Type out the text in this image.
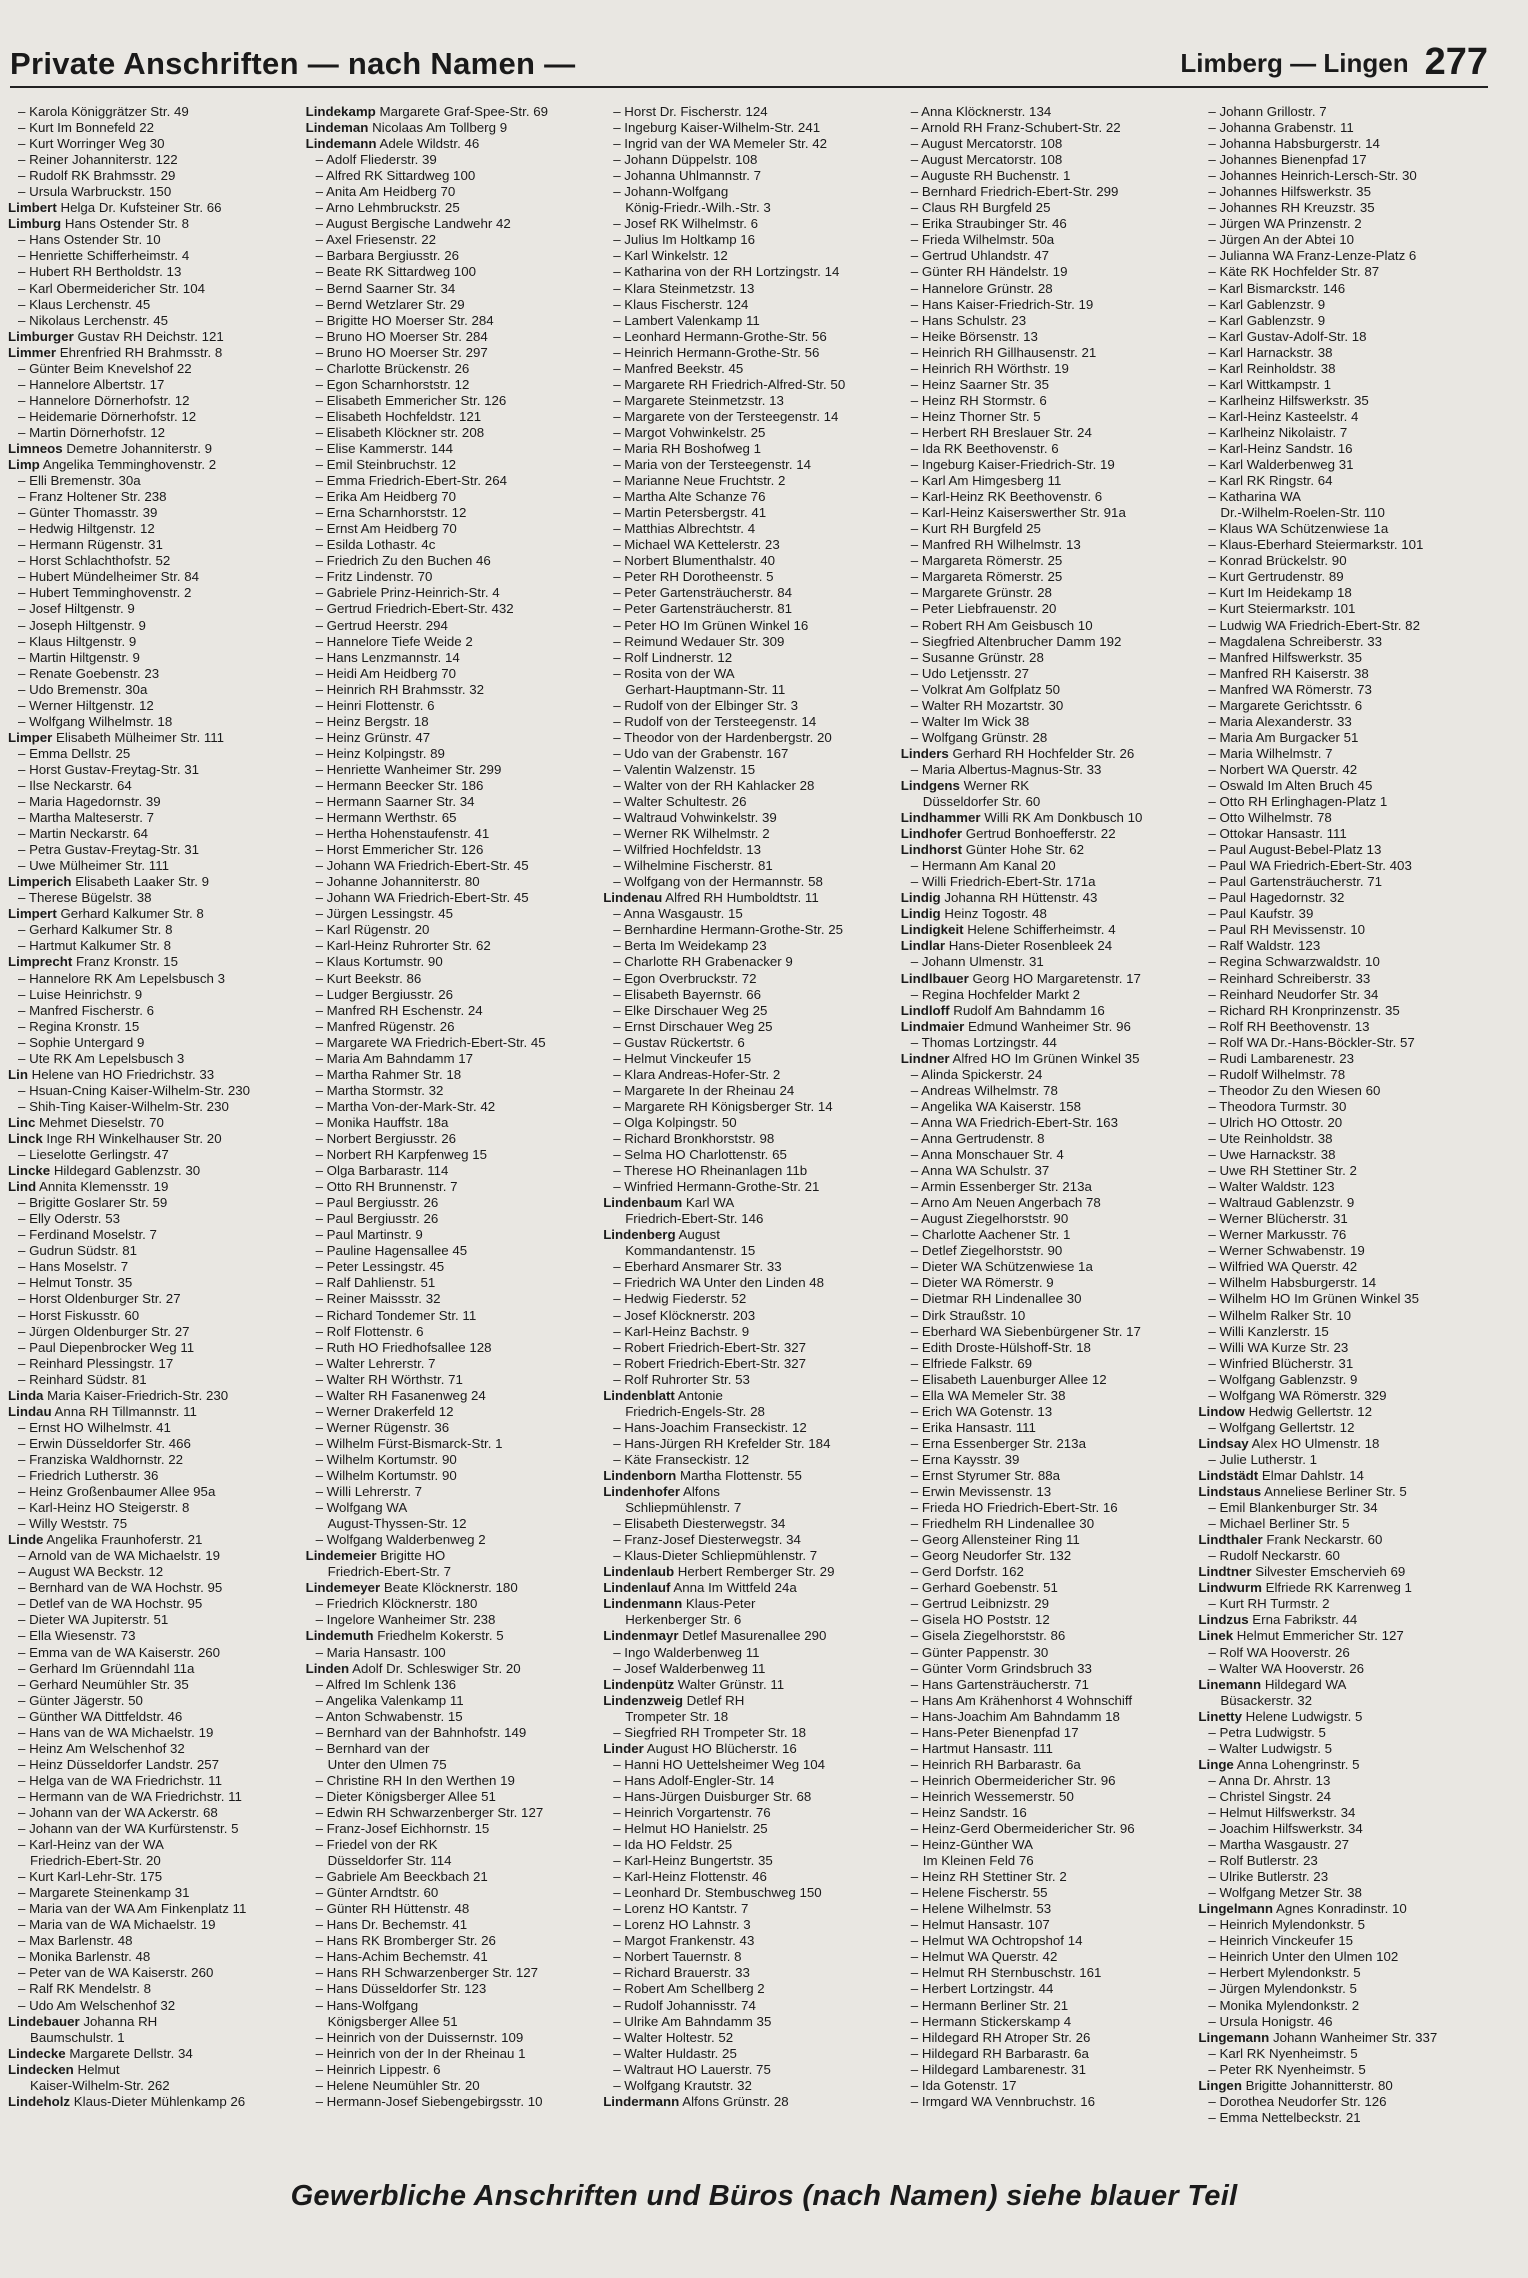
Private Anschriften — nach Namen —	Limberg — Lingen 277
– Karola Königgrätzer Str. 49
– Kurt Im Bonnefeld 22
– Kurt Worringer Weg 30
– Reiner Johanniterstr. 122
– Rudolf RK Brahmsstr. 29
– Ursula Warbruckstr. 150
Limbert Helga Dr. Kufsteiner Str. 66
Limburg Hans Ostender Str. 8
– Hans Ostender Str. 10
– Henriette Schifferheimstr. 4
– Hubert RH Bertholdstr. 13
– Karl Obermeidericher Str. 104
– Klaus Lerchenstr. 45
– Nikolaus Lerchenstr. 45
Limburger Gustav RH Deichstr. 121
Limmer Ehrenfried RH Brahmsstr. 8
– Günter Beim Knevelshof 22
– Hannelore Albertstr. 17
– Hannelore Dörnerhofstr. 12
– Heidemarie Dörnerhofstr. 12
– Martin Dörnerhofstr. 12
Limneos Demetre Johanniterstr. 9
Limp Angelika Temminghovenstr. 2
– Elli Bremenstr. 30a
– Franz Holtener Str. 238
– Günter Thomasstr. 39
– Hedwig Hiltgenstr. 12
– Hermann Rügenstr. 31
– Horst Schlachthofstr. 52
– Hubert Mündelheimer Str. 84
– Hubert Temminghovenstr. 2
– Josef Hiltgenstr. 9
– Joseph Hiltgenstr. 9
– Klaus Hiltgenstr. 9
– Martin Hiltgenstr. 9
– Renate Goebenstr. 23
– Udo Bremenstr. 30a
– Werner Hiltgenstr. 12
– Wolfgang Wilhelmstr. 18
Limper Elisabeth Mülheimer Str. 111
– Emma Dellstr. 25
– Horst Gustav-Freytag-Str. 31
– Ilse Neckarstr. 64
– Maria Hagedornstr. 39
– Martha Malteserstr. 7
– Martin Neckarstr. 64
– Petra Gustav-Freytag-Str. 31
– Uwe Mülheimer Str. 111
Limperich Elisabeth Laaker Str. 9
– Therese Bügelstr. 38
Limpert Gerhard Kalkumer Str. 8
– Gerhard Kalkumer Str. 8
– Hartmut Kalkumer Str. 8
Limprecht Franz Kronstr. 15
– Hannelore RK Am Lepelsbusch 3
– Luise Heinrichstr. 9
– Manfred Fischerstr. 6
– Regina Kronstr. 15
– Sophie Untergard 9
– Ute RK Am Lepelsbusch 3
Lin Helene van HO Friedrichstr. 33
– Hsuan-Cning Kaiser-Wilhelm-Str. 230
– Shih-Ting Kaiser-Wilhelm-Str. 230
Linc Mehmet Dieselstr. 70
Linck Inge RH Winkelhauser Str. 20
– Lieselotte Gerlingstr. 47
Lincke Hildegard Gablenzstr. 30
Lind Annita Klemensstr. 19
– Brigitte Goslarer Str. 59
– Elly Oderstr. 53
– Ferdinand Moselstr. 7
– Gudrun Südstr. 81
– Hans Moselstr. 7
– Helmut Tonstr. 35
– Horst Oldenburger Str. 27
– Horst Fiskusstr. 60
– Jürgen Oldenburger Str. 27
– Paul Diepenbrocker Weg 11
– Reinhard Plessingstr. 17
– Reinhard Südstr. 81
Linda Maria Kaiser-Friedrich-Str. 230
Lindau Anna RH Tillmannstr. 11
– Ernst HO Wilhelmstr. 41
– Erwin Düsseldorfer Str. 466
– Franziska Waldhornstr. 22
– Friedrich Lutherstr. 36
– Heinz Großenbaumer Allee 95a
– Karl-Heinz HO Steigerstr. 8
– Willy Weststr. 75
Linde Angelika Fraunhoferstr. 21
– Arnold van de WA Michaelstr. 19
– August WA Beckstr. 12
– Bernhard van de WA Hochstr. 95
– Detlef van de WA Hochstr. 95
– Dieter WA Jupiterstr. 51
– Ella Wiesenstr. 73
– Emma van de WA Kaiserstr. 260
– Gerhard Im Grüenndahl 11a
– Gerhard Neumühler Str. 35
– Günter Jägerstr. 50
– Günther WA Dittfeldstr. 46
– Hans van de WA Michaelstr. 19
– Heinz Am Welschenhof 32
– Heinz Düsseldorfer Landstr. 257
– Helga van de WA Friedrichstr. 11
– Hermann van de WA Friedrichstr. 11
– Johann van der WA Ackerstr. 68
– Johann van der WA Kurfürstenstr. 5
– Karl-Heinz van der WA
Friedrich-Ebert-Str. 20
– Kurt Karl-Lehr-Str. 175
– Margarete Steinenkamp 31
– Maria van der WA Am Finkenplatz 11
– Maria van de WA Michaelstr. 19
– Max Barlenstr. 48
– Monika Barlenstr. 48
– Peter van de WA Kaiserstr. 260
– Ralf RK Mendelstr. 8
– Udo Am Welschenhof 32
Lindebauer Johanna RH
Baumschulstr. 1
Lindecke Margarete Dellstr. 34
Lindecken Helmut
Kaiser-Wilhelm-Str. 262
Lindeholz Klaus-Dieter Mühlenkamp 26
Lindekamp Margarete Graf-Spee-Str. 69
Lindeman Nicolaas Am Tollberg 9
Lindemann Adele Wildstr. 46
– Adolf Fliederstr. 39
– Alfred RK Sittardweg 100
– Anita Am Heidberg 70
– Arno Lehmbruckstr. 25
– August Bergische Landwehr 42
– Axel Friesenstr. 22
– Barbara Bergiusstr. 26
– Beate RK Sittardweg 100
– Bernd Saarner Str. 34
– Bernd Wetzlarer Str. 29
– Brigitte HO Moerser Str. 284
– Bruno HO Moerser Str. 284
– Bruno HO Moerser Str. 297
– Charlotte Brückenstr. 26
– Egon Scharnhorststr. 12
– Elisabeth Emmericher Str. 126
– Elisabeth Hochfeldstr. 121
– Elisabeth Klöckner str. 208
– Elise Kammerstr. 144
– Emil Steinbruchstr. 12
– Emma Friedrich-Ebert-Str. 264
– Erika Am Heidberg 70
– Erna Scharnhorststr. 12
– Ernst Am Heidberg 70
– Esilda Lothastr. 4c
– Friedrich Zu den Buchen 46
– Fritz Lindenstr. 70
– Gabriele Prinz-Heinrich-Str. 4
– Gertrud Friedrich-Ebert-Str. 432
– Gertrud Heerstr. 294
– Hannelore Tiefe Weide 2
– Hans Lenzmannstr. 14
– Heidi Am Heidberg 70
– Heinrich RH Brahmsstr. 32
– Heinri Flottenstr. 6
– Heinz Bergstr. 18
– Heinz Grünstr. 47
– Heinz Kolpingstr. 89
– Henriette Wanheimer Str. 299
– Hermann Beecker Str. 186
– Hermann Saarner Str. 34
– Hermann Werthstr. 65
– Hertha Hohenstaufenstr. 41
– Horst Emmericher Str. 126
– Johann WA Friedrich-Ebert-Str. 45
– Johanne Johanniterstr. 80
– Johann WA Friedrich-Ebert-Str. 45
– Jürgen Lessingstr. 45
– Karl Rügenstr. 20
– Karl-Heinz Ruhrorter Str. 62
– Klaus Kortumstr. 90
– Kurt Beekstr. 86
– Ludger Bergiusstr. 26
– Manfred RH Eschenstr. 24
– Manfred Rügenstr. 26
– Margarete WA Friedrich-Ebert-Str. 45
– Maria Am Bahndamm 17
– Martha Rahmer Str. 18
– Martha Stormstr. 32
– Martha Von-der-Mark-Str. 42
– Monika Hauffstr. 18a
– Norbert Bergiusstr. 26
– Norbert RH Karpfenweg 15
– Olga Barbarastr. 114
– Otto RH Brunnenstr. 7
– Paul Bergiusstr. 26
– Paul Bergiusstr. 26
– Paul Martinstr. 9
– Pauline Hagensallee 45
– Peter Lessingstr. 45
– Ralf Dahlienstr. 51
– Reiner Maissstr. 32
– Richard Tondemer Str. 11
– Rolf Flottenstr. 6
– Ruth HO Friedhofsallee 128
– Walter Lehrerstr. 7
– Walter RH Wörthstr. 71
– Walter RH Fasanenweg 24
– Werner Drakerfeld 12
– Werner Rügenstr. 36
– Wilhelm Fürst-Bismarck-Str. 1
– Wilhelm Kortumstr. 90
– Wilhelm Kortumstr. 90
– Willi Lehrerstr. 7
– Wolfgang WA
August-Thyssen-Str. 12
– Wolfgang Walderbenweg 2
Lindemeier Brigitte HO
Friedrich-Ebert-Str. 7
Lindemeyer Beate Klöcknerstr. 180
– Friedrich Klöcknerstr. 180
– Ingelore Wanheimer Str. 238
Lindemuth Friedhelm Kokerstr. 5
– Maria Hansastr. 100
Linden Adolf Dr. Schleswiger Str. 20
– Alfred Im Schlenk 136
– Angelika Valenkamp 11
– Anton Schwabenstr. 15
– Bernhard van der Bahnhofstr. 149
– Bernhard van der
Unter den Ulmen 75
– Christine RH In den Werthen 19
– Dieter Königsberger Allee 51
– Edwin RH Schwarzenberger Str. 127
– Franz-Josef Eichhornstr. 15
– Friedel von der RK
Düsseldorfer Str. 114
– Gabriele Am Beeckbach 21
– Günter Arndtstr. 60
– Günter RH Hüttenstr. 48
– Hans Dr. Bechemstr. 41
– Hans RK Bromberger Str. 26
– Hans-Achim Bechemstr. 41
– Hans RH Schwarzenberger Str. 127
– Hans Düsseldorfer Str. 123
– Hans-Wolfgang
Königsberger Allee 51
– Heinrich von der Duissernstr. 109
– Heinrich von der In der Rheinau 1
– Heinrich Lippestr. 6
– Helene Neumühler Str. 20
– Hermann-Josef Siebengebirgsstr. 10
– Horst Dr. Fischerstr. 124
– Ingeburg Kaiser-Wilhelm-Str. 241
– Ingrid van der WA Memeler Str. 42
– Johann Düppelstr. 108
– Johanna Uhlmannstr. 7
– Johann-Wolfgang
König-Friedr.-Wilh.-Str. 3
– Josef RK Wilhelmstr. 6
– Julius Im Holtkamp 16
– Karl Winkelstr. 12
– Katharina von der RH Lortzingstr. 14
– Klara Steinmetzstr. 13
– Klaus Fischerstr. 124
– Lambert Valenkamp 11
– Leonhard Hermann-Grothe-Str. 56
– Heinrich Hermann-Grothe-Str. 56
– Manfred Beekstr. 45
– Margarete RH Friedrich-Alfred-Str. 50
– Margarete Steinmetzstr. 13
– Margarete von der Tersteegenstr. 14
– Margot Vohwinkelstr. 25
– Maria RH Boshofweg 1
– Maria von der Tersteegenstr. 14
– Marianne Neue Fruchtstr. 2
– Martha Alte Schanze 76
– Martin Petersbergstr. 41
– Matthias Albrechtstr. 4
– Michael WA Kettelerstr. 23
– Norbert Blumenthalstr. 40
– Peter RH Dorotheenstr. 5
– Peter Gartensträucherstr. 84
– Peter Gartensträucherstr. 81
– Peter HO Im Grünen Winkel 16
– Reimund Wedauer Str. 309
– Rolf Lindnerstr. 12
– Rosita von der WA
Gerhart-Hauptmann-Str. 11
– Rudolf von der Elbinger Str. 3
– Rudolf von der Tersteegenstr. 14
– Theodor von der Hardenbergstr. 20
– Udo van der Grabenstr. 167
– Valentin Walzenstr. 15
– Walter von der RH Kahlacker 28
– Walter Schultestr. 26
– Waltraud Vohwinkelstr. 39
– Werner RK Wilhelmstr. 2
– Wilfried Hochfeldstr. 13
– Wilhelmine Fischerstr. 81
– Wolfgang von der Hermannstr. 58
Lindenau Alfred RH Humboldtstr. 11
– Anna Wasgaustr. 15
– Bernhardine Hermann-Grothe-Str. 25
– Berta Im Weidekamp 23
– Charlotte RH Grabenacker 9
– Egon Overbruckstr. 72
– Elisabeth Bayernstr. 66
– Elke Dirschauer Weg 25
– Ernst Dirschauer Weg 25
– Gustav Rückertstr. 6
– Helmut Vinckeufer 15
– Klara Andreas-Hofer-Str. 2
– Margarete In der Rheinau 24
– Margarete RH Königsberger Str. 14
– Olga Kolpingstr. 50
– Richard Bronkhorststr. 98
– Selma HO Charlottenstr. 65
– Therese HO Rheinanlagen 11b
– Winfried Hermann-Grothe-Str. 21
Lindenbaum Karl WA
Friedrich-Ebert-Str. 146
Lindenberg August
Kommandantenstr. 15
– Eberhard Ansmarer Str. 33
– Friedrich WA Unter den Linden 48
– Hedwig Fiederstr. 52
– Josef Klöcknerstr. 203
– Karl-Heinz Bachstr. 9
– Robert Friedrich-Ebert-Str. 327
– Robert Friedrich-Ebert-Str. 327
– Rolf Ruhrorter Str. 53
Lindenblatt Antonie
Friedrich-Engels-Str. 28
– Hans-Joachim Franseckistr. 12
– Hans-Jürgen RH Krefelder Str. 184
– Käte Franseckistr. 12
Lindenborn Martha Flottenstr. 55
Lindenhofer Alfons
Schliepmühlenstr. 7
– Elisabeth Diesterwegstr. 34
– Franz-Josef Diesterwegstr. 34
– Klaus-Dieter Schliepmühlenstr. 7
Lindenlaub Herbert Remberger Str. 29
Lindenlauf Anna Im Wittfeld 24a
Lindenmann Klaus-Peter
Herkenberger Str. 6
Lindenmayr Detlef Masurenallee 290
– Ingo Walderbenweg 11
– Josef Walderbenweg 11
Lindenpütz Walter Grünstr. 11
Lindenzweig Detlef RH
Trompeter Str. 18
– Siegfried RH Trompeter Str. 18
Linder August HO Blücherstr. 16
– Hanni HO Uettelsheimer Weg 104
– Hans Adolf-Engler-Str. 14
– Hans-Jürgen Duisburger Str. 68
– Heinrich Vorgartenstr. 76
– Helmut HO Hanielstr. 25
– Ida HO Feldstr. 25
– Karl-Heinz Bungertstr. 35
– Karl-Heinz Flottenstr. 46
– Leonhard Dr. Stembuschweg 150
– Lorenz HO Kantstr. 7
– Lorenz HO Lahnstr. 3
– Margot Frankenstr. 43
– Norbert Tauernstr. 8
– Richard Brauerstr. 33
– Robert Am Schellberg 2
– Rudolf Johannisstr. 74
– Ulrike Am Bahndamm 35
– Walter Holtestr. 52
– Walter Huldastr. 25
– Waltraut HO Lauerstr. 75
– Wolfgang Krautstr. 32
Lindermann Alfons Grünstr. 28
– Anna Klöcknerstr. 134
– Arnold RH Franz-Schubert-Str. 22
– August Mercatorstr. 108
– August Mercatorstr. 108
– Auguste RH Buchenstr. 1
– Bernhard Friedrich-Ebert-Str. 299
– Claus RH Burgfeld 25
– Erika Straubinger Str. 46
– Frieda Wilhelmstr. 50a
– Gertrud Uhlandstr. 47
– Günter RH Händelstr. 19
– Hannelore Grünstr. 28
– Hans Kaiser-Friedrich-Str. 19
– Hans Schulstr. 23
– Heike Börsenstr. 13
– Heinrich RH Gillhausenstr. 21
– Heinrich RH Wörthstr. 19
– Heinz Saarner Str. 35
– Heinz RH Stormstr. 6
– Heinz Thorner Str. 5
– Herbert RH Breslauer Str. 24
– Ida RK Beethovenstr. 6
– Ingeburg Kaiser-Friedrich-Str. 19
– Karl Am Himgesberg 11
– Karl-Heinz RK Beethovenstr. 6
– Karl-Heinz Kaiserswerther Str. 91a
– Kurt RH Burgfeld 25
– Manfred RH Wilhelmstr. 13
– Margareta Römerstr. 25
– Margareta Römerstr. 25
– Margarete Grünstr. 28
– Peter Liebfrauenstr. 20
– Robert RH Am Geisbusch 10
– Siegfried Altenbrucher Damm 192
– Susanne Grünstr. 28
– Udo Letjensstr. 27
– Volkrat Am Golfplatz 50
– Walter RH Mozartstr. 30
– Walter Im Wick 38
– Wolfgang Grünstr. 28
Linders Gerhard RH Hochfelder Str. 26
– Maria Albertus-Magnus-Str. 33
Lindgens Werner RK
Düsseldorfer Str. 60
Lindhammer Willi RK Am Donkbusch 10
Lindhofer Gertrud Bonhoefferstr. 22
Lindhorst Günter Hohe Str. 62
– Hermann Am Kanal 20
– Willi Friedrich-Ebert-Str. 171a
Lindig Johanna RH Hüttenstr. 43
Lindig Heinz Togostr. 48
Lindigkeit Helene Schifferheimstr. 4
Lindlar Hans-Dieter Rosenbleek 24
– Johann Ulmenstr. 31
Lindlbauer Georg HO Margaretenstr. 17
– Regina Hochfelder Markt 2
Lindloff Rudolf Am Bahndamm 16
Lindmaier Edmund Wanheimer Str. 96
– Thomas Lortzingstr. 44
Lindner Alfred HO Im Grünen Winkel 35
– Alinda Spickerstr. 24
– Andreas Wilhelmstr. 78
– Angelika WA Kaiserstr. 158
– Anna WA Friedrich-Ebert-Str. 163
– Anna Gertrudenstr. 8
– Anna Monschauer Str. 4
– Anna WA Schulstr. 37
– Armin Essenberger Str. 213a
– Arno Am Neuen Angerbach 78
– August Ziegelhorststr. 90
– Charlotte Aachener Str. 1
– Detlef Ziegelhorststr. 90
– Dieter WA Schützenwiese 1a
– Dieter WA Römerstr. 9
– Dietmar RH Lindenallee 30
– Dirk Straußstr. 10
– Eberhard WA Siebenbürgener Str. 17
– Edith Droste-Hülshoff-Str. 18
– Elfriede Falkstr. 69
– Elisabeth Lauenburger Allee 12
– Ella WA Memeler Str. 38
– Erich WA Gotenstr. 13
– Erika Hansastr. 111
– Erna Essenberger Str. 213a
– Erna Kaysstr. 39
– Ernst Styrumer Str. 88a
– Erwin Mevissenstr. 13
– Frieda HO Friedrich-Ebert-Str. 16
– Friedhelm RH Lindenallee 30
– Georg Allensteiner Ring 11
– Georg Neudorfer Str. 132
– Gerd Dorfstr. 162
– Gerhard Goebenstr. 51
– Gertrud Leibnizstr. 29
– Gisela HO Poststr. 12
– Gisela Ziegelhorststr. 86
– Günter Pappenstr. 30
– Günter Vorm Grindsbruch 33
– Hans Gartensträucherstr. 71
– Hans Am Krähenhorst 4 Wohnschiff
– Hans-Joachim Am Bahndamm 18
– Hans-Peter Bienenpfad 17
– Hartmut Hansastr. 111
– Heinrich RH Barbarastr. 6a
– Heinrich Obermeidericher Str. 96
– Heinrich Wessemerstr. 50
– Heinz Sandstr. 16
– Heinz-Gerd Obermeidericher Str. 96
– Heinz-Günther WA
Im Kleinen Feld 76
– Heinz RH Stettiner Str. 2
– Helene Fischerstr. 55
– Helene Wilhelmstr. 53
– Helmut Hansastr. 107
– Helmut WA Ochtropshof 14
– Helmut WA Querstr. 42
– Helmut RH Sternbuschstr. 161
– Herbert Lortzingstr. 44
– Hermann Berliner Str. 21
– Hermann Stickerskamp 4
– Hildegard RH Atroper Str. 26
– Hildegard RH Barbarastr. 6a
– Hildegard Lambarenestr. 31
– Ida Gotenstr. 17
– Irmgard WA Vennbruchstr. 16
– Johann Grillostr. 7
– Johanna Grabenstr. 11
– Johanna Habsburgerstr. 14
– Johannes Bienenpfad 17
– Johannes Heinrich-Lersch-Str. 30
– Johannes Hilfswerkstr. 35
– Johannes RH Kreuzstr. 35
– Jürgen WA Prinzenstr. 2
– Jürgen An der Abtei 10
– Julianna WA Franz-Lenze-Platz 6
– Käte RK Hochfelder Str. 87
– Karl Bismarckstr. 146
– Karl Gablenzstr. 9
– Karl Gablenzstr. 9
– Karl Gustav-Adolf-Str. 18
– Karl Harnackstr. 38
– Karl Reinholdstr. 38
– Karl Wittkampstr. 1
– Karlheinz Hilfswerkstr. 35
– Karl-Heinz Kasteelstr. 4
– Karlheinz Nikolaistr. 7
– Karl-Heinz Sandstr. 16
– Karl Walderbenweg 31
– Karl RK Ringstr. 64
– Katharina WA
Dr.-Wilhelm-Roelen-Str. 110
– Klaus WA Schützenwiese 1a
– Klaus-Eberhard Steiermarkstr. 101
– Konrad Brückelstr. 90
– Kurt Gertrudenstr. 89
– Kurt Im Heidekamp 18
– Kurt Steiermarkstr. 101
– Ludwig WA Friedrich-Ebert-Str. 82
– Magdalena Schreiberstr. 33
– Manfred Hilfswerkstr. 35
– Manfred RH Kaiserstr. 38
– Manfred WA Römerstr. 73
– Margarete Gerichtsstr. 6
– Maria Alexanderstr. 33
– Maria Am Burgacker 51
– Maria Wilhelmstr. 7
– Norbert WA Querstr. 42
– Oswald Im Alten Bruch 45
– Otto RH Erlinghagen-Platz 1
– Otto Wilhelmstr. 78
– Ottokar Hansastr. 111
– Paul August-Bebel-Platz 13
– Paul WA Friedrich-Ebert-Str. 403
– Paul Gartensträucherstr. 71
– Paul Hagedornstr. 32
– Paul Kaufstr. 39
– Paul RH Mevissenstr. 10
– Ralf Waldstr. 123
– Regina Schwarzwaldstr. 10
– Reinhard Schreiberstr. 33
– Reinhard Neudorfer Str. 34
– Richard RH Kronprinzenstr. 35
– Rolf RH Beethovenstr. 13
– Rolf WA Dr.-Hans-Böckler-Str. 57
– Rudi Lambarenestr. 23
– Rudolf Wilhelmstr. 78
– Theodor Zu den Wiesen 60
– Theodora Turmstr. 30
– Ulrich HO Ottostr. 20
– Ute Reinholdstr. 38
– Uwe Harnackstr. 38
– Uwe RH Stettiner Str. 2
– Walter Waldstr. 123
– Waltraud Gablenzstr. 9
– Werner Blücherstr. 31
– Werner Markusstr. 76
– Werner Schwabenstr. 19
– Wilfried WA Querstr. 42
– Wilhelm Habsburgerstr. 14
– Wilhelm HO Im Grünen Winkel 35
– Wilhelm Ralker Str. 10
– Willi Kanzlerstr. 15
– Willi WA Kurze Str. 23
– Winfried Blücherstr. 31
– Wolfgang Gablenzstr. 9
– Wolfgang WA Römerstr. 329
Lindow Hedwig Gellertstr. 12
– Wolfgang Gellertstr. 12
Lindsay Alex HO Ulmenstr. 18
– Julie Lutherstr. 1
Lindstädt Elmar Dahlstr. 14
Lindstaus Anneliese Berliner Str. 5
– Emil Blankenburger Str. 34
– Michael Berliner Str. 5
Lindthaler Frank Neckarstr. 60
– Rudolf Neckarstr. 60
Lindtner Silvester Emschervieh 69
Lindwurm Elfriede RK Karrenweg 1
– Kurt RH Turmstr. 2
Lindzus Erna Fabrikstr. 44
Linek Helmut Emmericher Str. 127
– Rolf WA Hooverstr. 26
– Walter WA Hooverstr. 26
Linemann Hildegard WA
Büsackerstr. 32
Linetty Helene Ludwigstr. 5
– Petra Ludwigstr. 5
– Walter Ludwigstr. 5
Linge Anna Lohengrinstr. 5
– Anna Dr. Ahrstr. 13
– Christel Singstr. 24
– Helmut Hilfswerkstr. 34
– Joachim Hilfswerkstr. 34
– Martha Wasgaustr. 27
– Rolf Butlerstr. 23
– Ulrike Butlerstr. 23
– Wolfgang Metzer Str. 38
Lingelmann Agnes Konradinstr. 10
– Heinrich Mylendonkstr. 5
– Heinrich Vinckeufer 15
– Heinrich Unter den Ulmen 102
– Herbert Mylendonkstr. 5
– Jürgen Mylendonkstr. 5
– Monika Mylendonkstr. 2
– Ursula Honigstr. 46
Lingemann Johann Wanheimer Str. 337
– Karl RK Nyenheimstr. 5
– Peter RK Nyenheimstr. 5
Lingen Brigitte Johannitterstr. 80
– Dorothea Neudorfer Str. 126
– Emma Nettelbeckstr. 21
Gewerbliche Anschriften und Büros (nach Namen) siehe blauer Teil
